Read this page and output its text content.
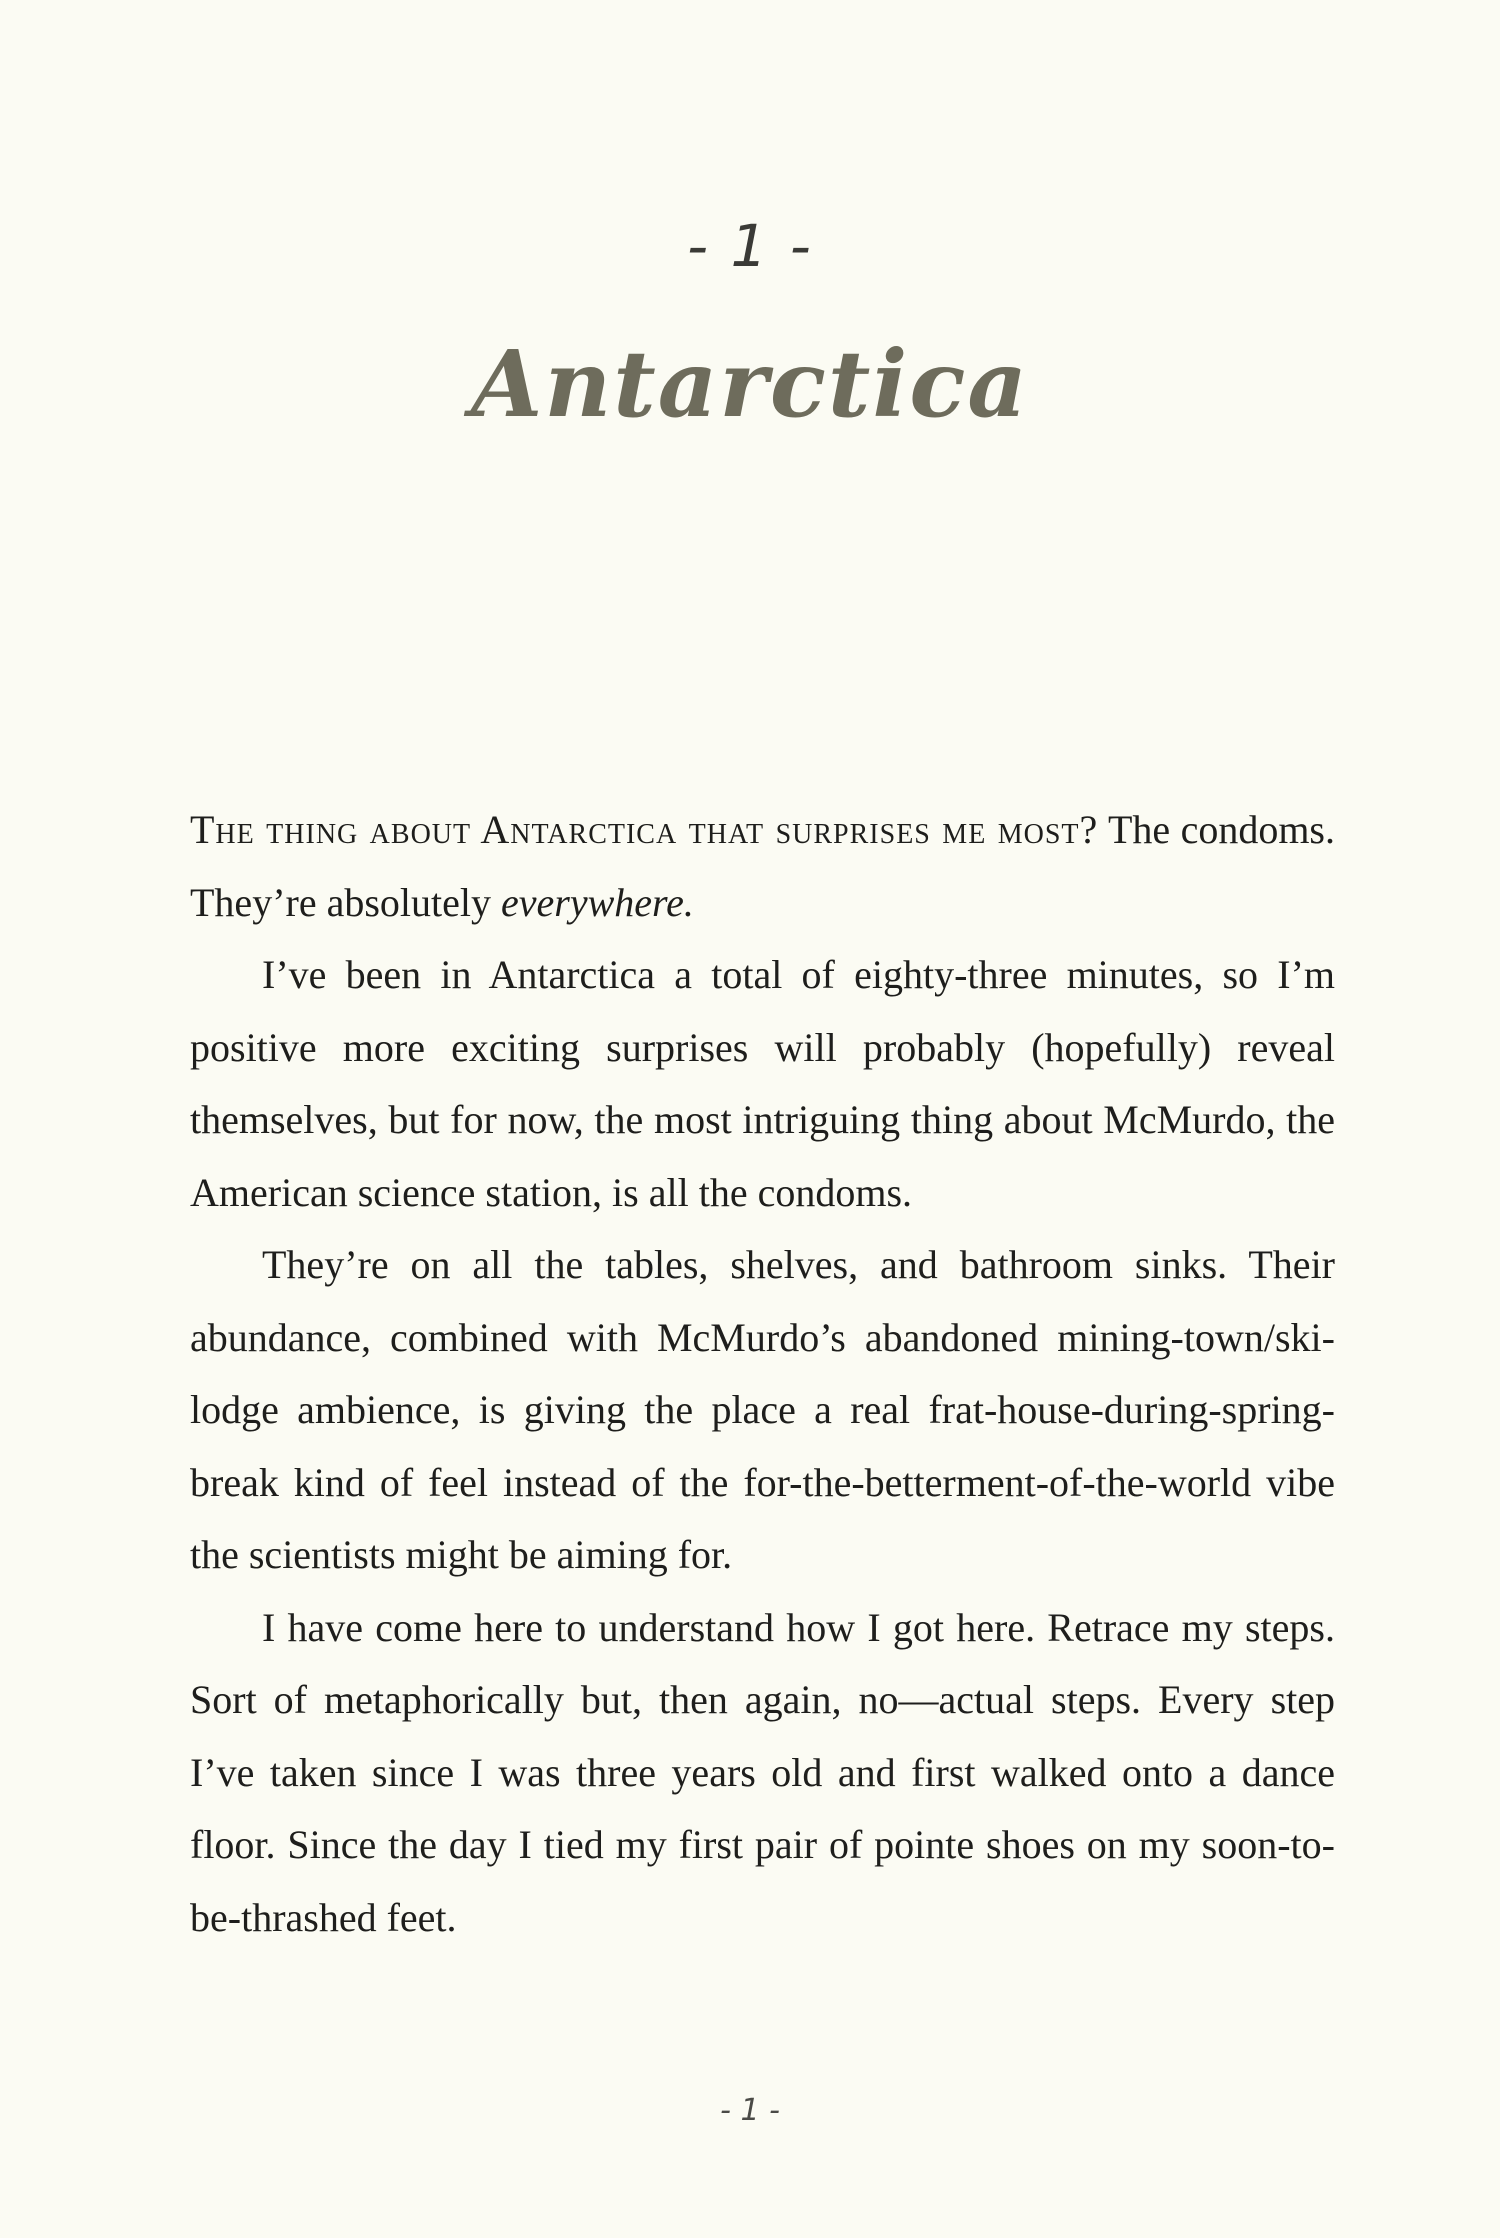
- 1 -
Antarctica

The thing about Antarctica that surprises me most? The condoms. They’re absolutely everywhere.

I’ve been in Antarctica a total of eighty-three minutes, so I’m positive more exciting surprises will probably (hopefully) reveal themselves, but for now, the most intriguing thing about McMurdo, the American science station, is all the condoms.

They’re on all the tables, shelves, and bathroom sinks. Their abundance, combined with McMurdo’s abandoned mining-town/ski-lodge ambience, is giving the place a real frat-house-during-spring-break kind of feel instead of the for-the-betterment-of-the-world vibe the scientists might be aiming for.

I have come here to understand how I got here. Retrace my steps. Sort of metaphorically but, then again, no—actual steps. Every step I’ve taken since I was three years old and first walked onto a dance floor. Since the day I tied my first pair of pointe shoes on my soon-to-be-thrashed feet.

- 1 -
